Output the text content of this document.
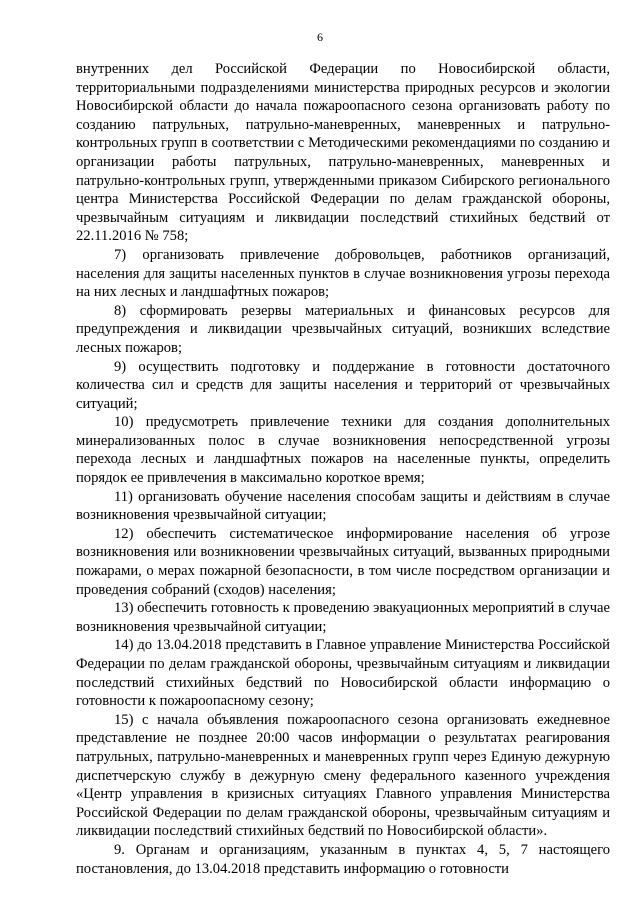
6

внутренних дел Российской Федерации по Новосибирской области, территориальными подразделениями министерства природных ресурсов и экологии Новосибирской области до начала пожароопасного сезона организовать работу по созданию патрульных, патрульно-маневренных, маневренных и патрульно-контрольных групп в соответствии с Методическими рекомендациями по созданию и организации работы патрульных, патрульно-маневренных, маневренных и патрульно-контрольных групп, утвержденными приказом Сибирского регионального центра Министерства Российской Федерации по делам гражданской обороны, чрезвычайным ситуациям и ликвидации последствий стихийных бедствий от 22.11.2016 № 758;

7) организовать привлечение добровольцев, работников организаций, населения для защиты населенных пунктов в случае возникновения угрозы перехода на них лесных и ландшафтных пожаров;

8) сформировать резервы материальных и финансовых ресурсов для предупреждения и ликвидации чрезвычайных ситуаций, возникших вследствие лесных пожаров;

9) осуществить подготовку и поддержание в готовности достаточного количества сил и средств для защиты населения и территорий от чрезвычайных ситуаций;

10) предусмотреть привлечение техники для создания дополнительных минерализованных полос в случае возникновения непосредственной угрозы перехода лесных и ландшафтных пожаров на населенные пункты, определить порядок ее привлечения в максимально короткое время;

11) организовать обучение населения способам защиты и действиям в случае возникновения чрезвычайной ситуации;

12) обеспечить систематическое информирование населения об угрозе возникновения или возникновении чрезвычайных ситуаций, вызванных природными пожарами, о мерах пожарной безопасности, в том числе посредством организации и проведения собраний (сходов) населения;

13) обеспечить готовность к проведению эвакуационных мероприятий в случае возникновения чрезвычайной ситуации;

14) до 13.04.2018 представить в Главное управление Министерства Российской Федерации по делам гражданской обороны, чрезвычайным ситуациям и ликвидации последствий стихийных бедствий по Новосибирской области информацию о готовности к пожароопасному сезону;

15) с начала объявления пожароопасного сезона организовать ежедневное представление не позднее 20:00 часов информации о результатах реагирования патрульных, патрульно-маневренных и маневренных групп через Единую дежурную диспетчерскую службу в дежурную смену федерального казенного учреждения «Центр управления в кризисных ситуациях Главного управления Министерства Российской Федерации по делам гражданской обороны, чрезвычайным ситуациям и ликвидации последствий стихийных бедствий по Новосибирской области».

9. Органам и организациям, указанным в пунктах 4, 5, 7 настоящего постановления, до 13.04.2018 представить информацию о готовности
